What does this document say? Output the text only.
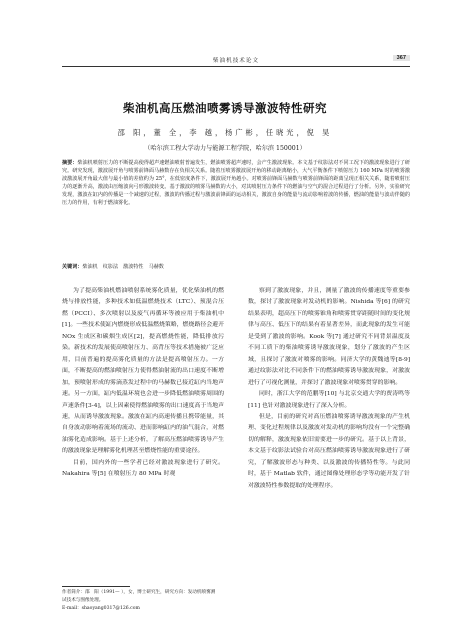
柴油机技术论文	367
柴油机高压燃油喷雾诱导激波特性研究
邵 阳，董 全，李 越，杨广彬，任晓光，倪 昊
（哈尔滨工程大学动力与能源工程学院，哈尔滨 150001）
摘要：柴油机喷射压力的不断提高使得超声速燃油喷射普遍发生，燃油喷雾超声速时，会产生激波现象。本文基于纹影法对不同工况下的激波现象进行了研究。研究发现，激波展开角与喷雾前锋面马赫数存在负相关关系。随着压喷雾激波展开角的移动距离缩小，大气平衡条件下喷射压力 160 MPa 时的喷雾激波激波展开角最大值与最小值的差值约为 25°，在低密度条件下，激波展开角越小。对喷雾前锋面马赫数与喷雾前锋面的距离呈现正相关关系，随着喷射压力的逐渐升高，激波由压缩波向弓形激波转变。基于激波的喷雾马赫数的大小，对其喷射压力条件下的燃油与空气的混合过程进行了分析。另外，实验研究发现，激波在缸内的传播是一个减速的过程，激波的传播过程与激波前锋面的运动相关，激波自身的能量与流动影响着波的传播，燃油的能量与波动伴随的压力的作用，有利于燃油雾化。
关键词：柴油机　纹影法　激波特性　马赫数

为了提高柴油机燃油喷射系统雾化质量，优化柴油机的燃烧与排放性能，多种技术如低温燃烧技术（LTC）、预混合压燃（PCCI）、多次喷射以及废气再循环等被应用于柴油机中[1]。一些技术使缸内燃烧形成低温燃烧策略，燃烧路径会避开 NOx 生成区和碳烟生成区[2]，提高燃烧性能，降低排放污染。新技术的发展使高喷射压力、高背压等技术措施被广泛应用，目前普遍的提高雾化质量的方法是提高喷射压力。一方面，不断提高的燃油喷射压力使得燃油射流的出口速度不断增加，预喷射形成的雾滴蒸发过程中的马赫数已接近缸内当地声速。另一方面，缸内低温环境也会进一步降低燃油喷雾周围的声速条件[3-4]，以上因素使得燃油喷雾的出口速度高于当地声速，从而诱导激波现象。激波在缸内高速传播且携带能量，其自身波动影响着流场的流动、进而影响缸内的油气混合，对燃油雾化造成影响。基于上述分析，了解高压燃油喷雾诱导产生的激波现象是理解雾化机理甚至燃烧性能的重要途径。

目前，国内外的一些学者已经对激波现象进行了研究。Nakahira 等[5] 在喷射压力 80 MPa 时观

察到了激波现象，并且，测量了激波的传播速度等重要参数，探讨了激波现象对发动机的影响。Nishida 等[6] 的研究结果表明，超高压下的喷雾锥角和喷雾贯穿距随时间的变化规律与高压、低压下的结果有着显著差异，而此现象的发生可能是受到了激波的影响。Kook 等[7] 通过研究不同背景温度及不同工质下的柴油喷雾诱导激波现象，划分了激波的产生区域，且探讨了激波对喷雾的影响。同济大学的黄魏迪等[8-9] 通过纹影法对比不同条件下的燃油喷雾诱导激波现象，对激波进行了可视化测量，并探讨了激波现象对喷雾贯穿的影响。

同时，浙江大学的范鹏等[10] 与北京交通大学的贾涛鸣等[11] 也针对激波现象进行了深入分析。

但是，目前的研究对高压燃油喷雾诱导激波现象的产生机理、变化过程规律以及激波对发动机的影响均没有一个完整确切的解释，激波现象依旧需要进一步的研究。基于以上背景，本文基于纹影法试验台对高压燃油喷雾诱导激波现象进行了研究，了解激波形态与种类、以及激波的传播特性等。与此同时，基于 Matlab 软件，通过图像处理形态学等功能开发了针对激波特性参数提取的处理程序。

作者简介：邵　阳（1991— ），女，博士研究生，研究方向：发动机喷雾测
试技术与图像处理。
E-mail：shaoyang0317@126.com
